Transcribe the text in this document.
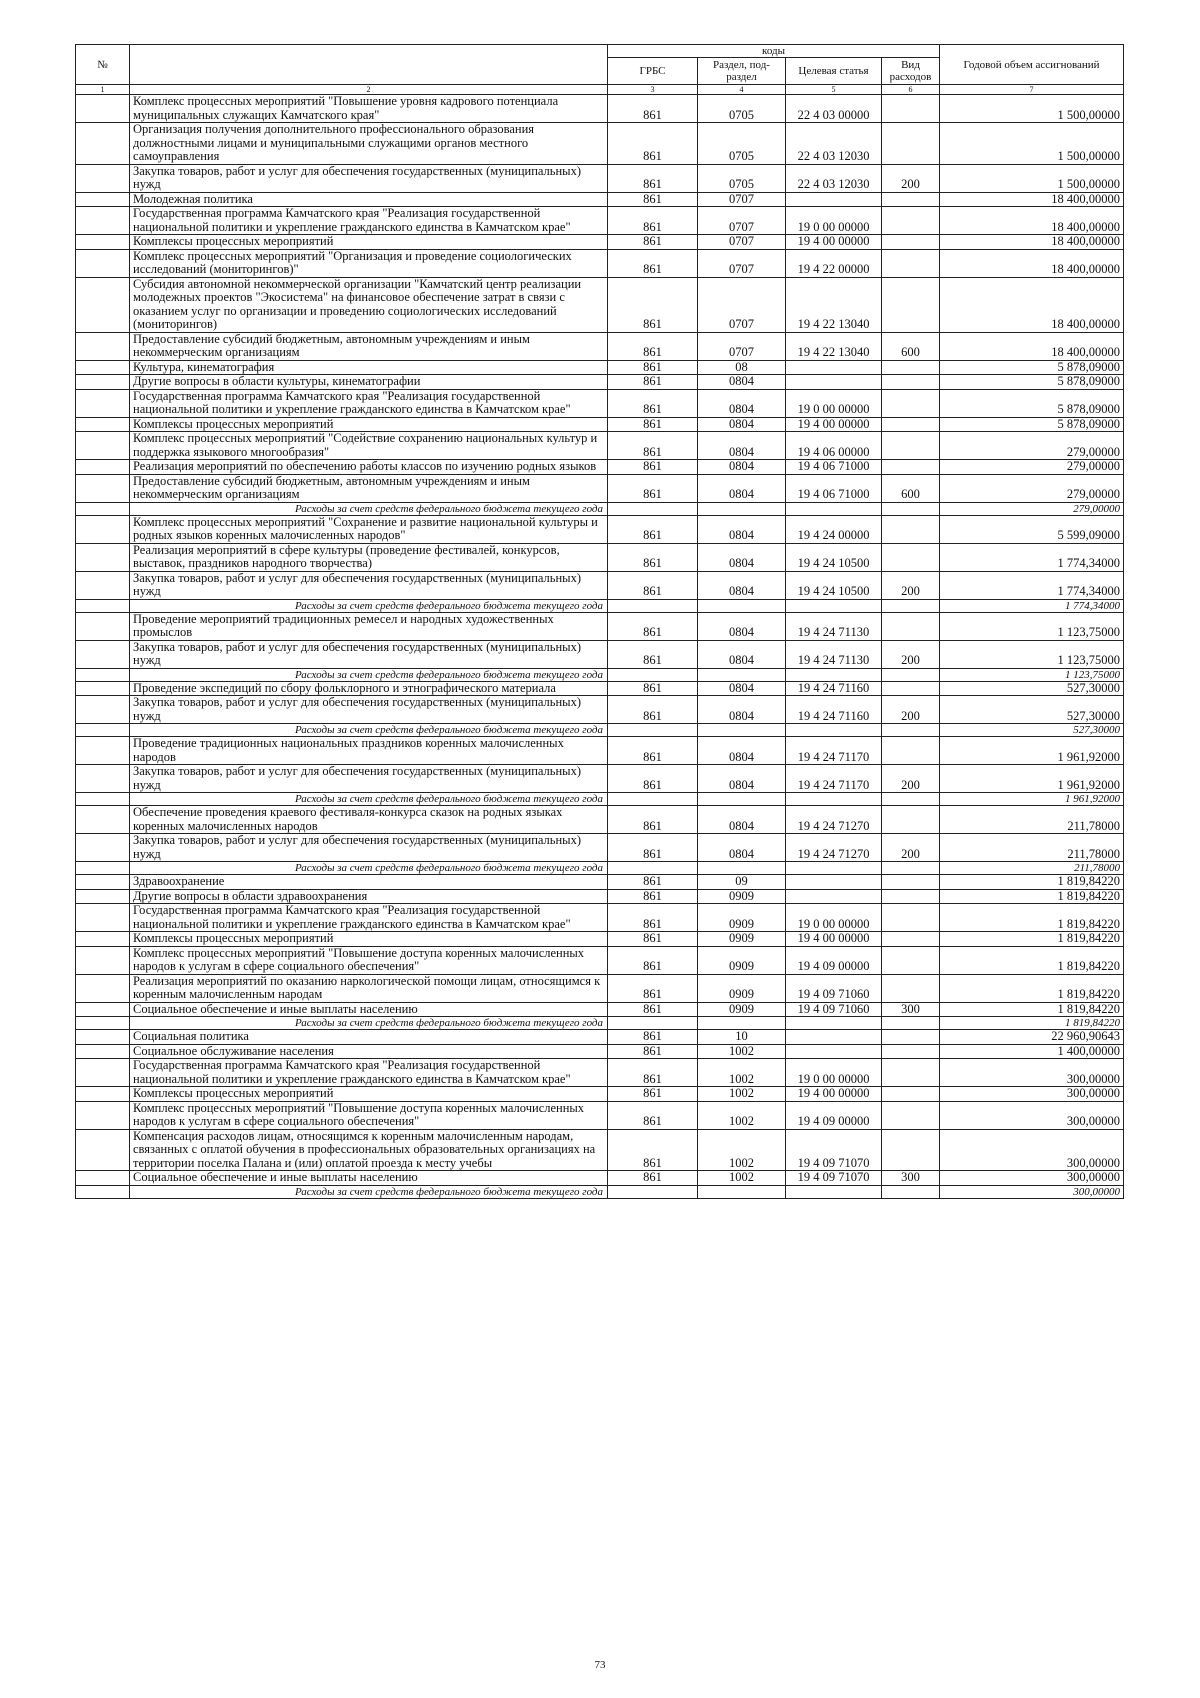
№		коды				Годовой объем ассигнований
		ГРБС	Раздел, под-раздел	Целевая статья	Вид расходов	
1	2	3	4	5	6	7
	Комплекс процессных мероприятий "Повышение уровня кадрового потенциала муниципальных служащих Камчатского края"	861	0705	22 4 03 00000		1 500,00000
	Организация получения дополнительного профессионального образования должностными лицами и муниципальными служащими органов местного самоуправления	861	0705	22 4 03 12030		1 500,00000
	Закупка товаров, работ и услуг для обеспечения государственных (муниципальных) нужд	861	0705	22 4 03 12030	200	1 500,00000
	Молодежная политика	861	0707			18 400,00000
	Государственная программа Камчатского края "Реализация государственной национальной политики и укрепление гражданского единства в Камчатском крае"	861	0707	19 0 00 00000		18 400,00000
	Комплексы процессных мероприятий	861	0707	19 4 00 00000		18 400,00000
	Комплекс процессных мероприятий "Организация и проведение социологических исследований (мониторингов)"	861	0707	19 4 22 00000		18 400,00000
	Субсидия автономной некоммерческой организации "Камчатский центр реализации молодежных проектов "Экосистема" на финансовое обеспечение затрат в связи с оказанием услуг по организации и проведению социологических исследований (мониторингов)	861	0707	19 4 22 13040		18 400,00000
	Предоставление субсидий бюджетным, автономным учреждениям и иным некоммерческим организациям	861	0707	19 4 22 13040	600	18 400,00000
	Культура, кинематография	861	08			5 878,09000
	Другие вопросы в области культуры, кинематографии	861	0804			5 878,09000
	Государственная программа Камчатского края "Реализация государственной национальной политики и укрепление гражданского единства в Камчатском крае"	861	0804	19 0 00 00000		5 878,09000
	Комплексы процессных мероприятий	861	0804	19 4 00 00000		5 878,09000
	Комплекс процессных мероприятий "Содействие сохранению национальных культур и поддержка языкового многообразия"	861	0804	19 4 06 00000		279,00000
	Реализация мероприятий по обеспечению работы классов по изучению родных языков	861	0804	19 4 06 71000		279,00000
	Предоставление субсидий бюджетным, автономным учреждениям и иным некоммерческим организациям	861	0804	19 4 06 71000	600	279,00000
	Расходы за счет средств федерального бюджета текущего года					279,00000
	Комплекс процессных мероприятий "Сохранение и развитие национальной культуры и родных языков коренных малочисленных народов"	861	0804	19 4 24 00000		5 599,09000
	Реализация мероприятий в сфере культуры (проведение фестивалей, конкурсов, выставок, праздников народного творчества)	861	0804	19 4 24 10500		1 774,34000
	Закупка товаров, работ и услуг для обеспечения государственных (муниципальных) нужд	861	0804	19 4 24 10500	200	1 774,34000
	Расходы за счет средств федерального бюджета текущего года					1 774,34000
	Проведение мероприятий традиционных ремесел и народных художественных промыслов	861	0804	19 4 24 71130		1 123,75000
	Закупка товаров, работ и услуг для обеспечения государственных (муниципальных) нужд	861	0804	19 4 24 71130	200	1 123,75000
	Расходы за счет средств федерального бюджета текущего года					1 123,75000
	Проведение экспедиций по сбору фольклорного и этнографического материала	861	0804	19 4 24 71160		527,30000
	Закупка товаров, работ и услуг для обеспечения государственных (муниципальных) нужд	861	0804	19 4 24 71160	200	527,30000
	Расходы за счет средств федерального бюджета текущего года					527,30000
	Проведение традиционных национальных праздников коренных малочисленных народов	861	0804	19 4 24 71170		1 961,92000
	Закупка товаров, работ и услуг для обеспечения государственных (муниципальных) нужд	861	0804	19 4 24 71170	200	1 961,92000
	Расходы за счет средств федерального бюджета текущего года					1 961,92000
	Обеспечение проведения краевого фестиваля-конкурса сказок на родных языках коренных малочисленных народов	861	0804	19 4 24 71270		211,78000
	Закупка товаров, работ и услуг для обеспечения государственных (муниципальных) нужд	861	0804	19 4 24 71270	200	211,78000
	Расходы за счет средств федерального бюджета текущего года					211,78000
	Здравоохранение	861	09			1 819,84220
	Другие вопросы в области здравоохранения	861	0909			1 819,84220
	Государственная программа Камчатского края "Реализация государственной национальной политики и укрепление гражданского единства в Камчатском крае"	861	0909	19 0 00 00000		1 819,84220
	Комплексы процессных мероприятий	861	0909	19 4 00 00000		1 819,84220
	Комплекс процессных мероприятий "Повышение доступа коренных малочисленных народов к услугам в сфере социального обеспечения"	861	0909	19 4 09 00000		1 819,84220
	Реализация мероприятий по оказанию наркологической помощи лицам, относящимся к коренным малочисленным народам	861	0909	19 4 09 71060		1 819,84220
	Социальное обеспечение и иные выплаты населению	861	0909	19 4 09 71060	300	1 819,84220
	Расходы за счет средств федерального бюджета текущего года					1 819,84220
	Социальная политика	861	10			22 960,90643
	Социальное обслуживание населения	861	1002			1 400,00000
	Государственная программа Камчатского края "Реализация государственной национальной политики и укрепление гражданского единства в Камчатском крае"	861	1002	19 0 00 00000		300,00000
	Комплексы процессных мероприятий	861	1002	19 4 00 00000		300,00000
	Комплекс процессных мероприятий "Повышение доступа коренных малочисленных народов к услугам в сфере социального обеспечения"	861	1002	19 4 09 00000		300,00000
	Компенсация расходов лицам, относящимся к коренным малочисленным народам, связанных с оплатой обучения в профессиональных образовательных организациях на территории поселка Палана и (или) оплатой проезда к месту учебы	861	1002	19 4 09 71070		300,00000
	Социальное обеспечение и иные выплаты населению	861	1002	19 4 09 71070	300	300,00000
	Расходы за счет средств федерального бюджета текущего года					300,00000
73
